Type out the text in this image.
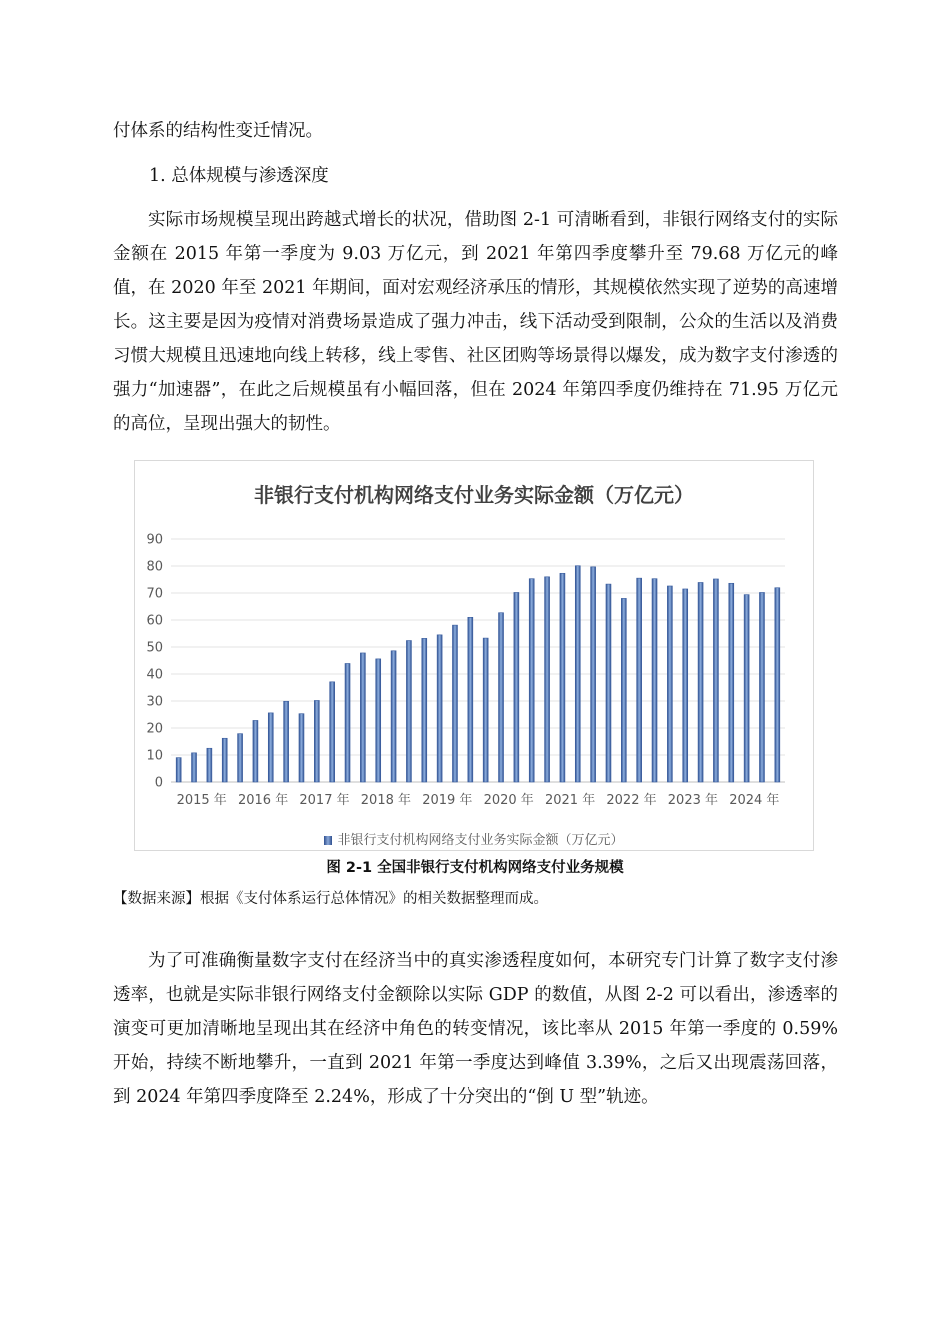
付体系的结构性变迁情况。

1. 总体规模与渗透深度

实际市场规模呈现出跨越式增长的状况，借助图 2-1 可清晰看到，非银行网络支付的实际金额在 2015 年第一季度为 9.03 万亿元，到 2021 年第四季度攀升至 79.68 万亿元的峰值，在 2020 年至 2021 年期间，面对宏观经济承压的情形，其规模依然实现了逆势的高速增长。这主要是因为疫情对消费场景造成了强力冲击，线下活动受到限制，公众的生活以及消费习惯大规模且迅速地向线上转移，线上零售、社区团购等场景得以爆发，成为数字支付渗透的强力“加速器”，在此之后规模虽有小幅回落，但在 2024 年第四季度仍维持在 71.95 万亿元的高位，呈现出强大的韧性。

非银行支付机构网络支付业务实际金额（万亿元）
0
10
20
30
40
50
60
70
80
90
2015 年 2016 年 2017 年 2018 年 2019 年 2020 年 2021 年 2022 年 2023 年 2024 年
非银行支付机构网络支付业务实际金额（万亿元）
图 2-1 全国非银行支付机构网络支付业务规模
【数据来源】根据《支付体系运行总体情况》的相关数据整理而成。

为了可准确衡量数字支付在经济当中的真实渗透程度如何，本研究专门计算了数字支付渗透率，也就是实际非银行网络支付金额除以实际 GDP 的数值，从图 2-2 可以看出，渗透率的演变可更加清晰地呈现出其在经济中角色的转变情况，该比率从 2015 年第一季度的 0.59%开始，持续不断地攀升，一直到 2021 年第一季度达到峰值 3.39%，之后又出现震荡回落，到 2024 年第四季度降至 2.24%，形成了十分突出的“倒 U 型”轨迹。
